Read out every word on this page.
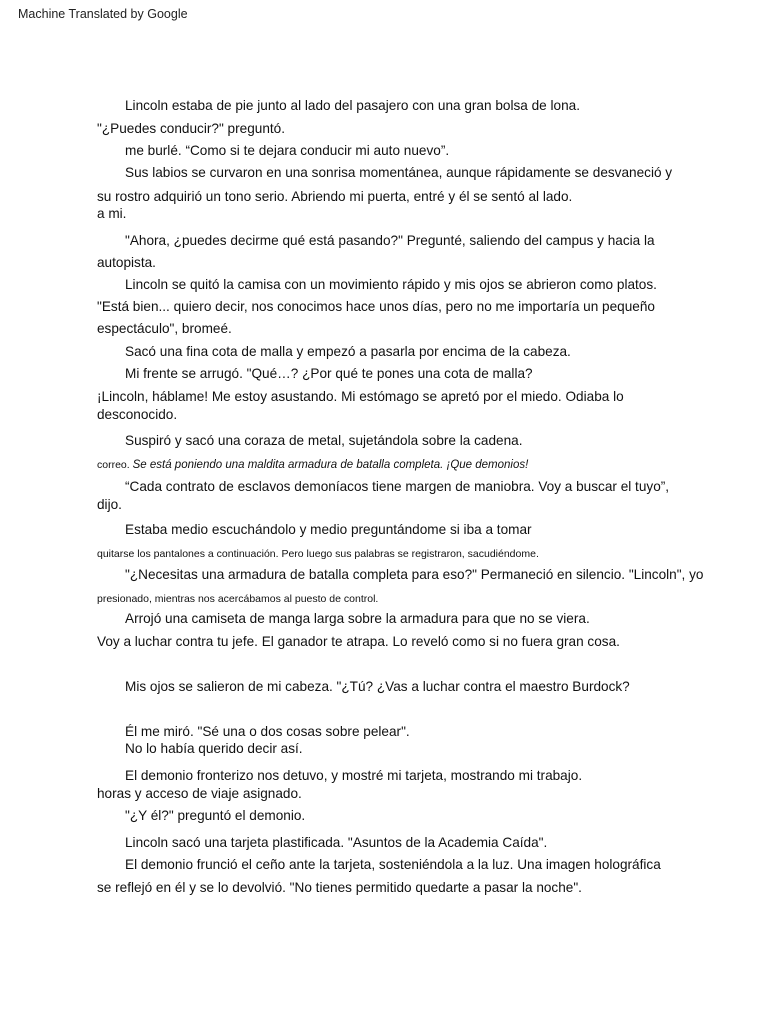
Machine Translated by Google
Lincoln estaba de pie junto al lado del pasajero con una gran bolsa de lona.
"¿Puedes conducir?" preguntó.
me burlé. “Como si te dejara conducir mi auto nuevo”.
Sus labios se curvaron en una sonrisa momentánea, aunque rápidamente se desvaneció y
su rostro adquirió un tono serio. Abriendo mi puerta, entré y él se sentó al lado.
a mi.
"Ahora, ¿puedes decirme qué está pasando?" Pregunté, saliendo del campus y hacia la
autopista.
Lincoln se quitó la camisa con un movimiento rápido y mis ojos se abrieron como platos.
"Está bien... quiero decir, nos conocimos hace unos días, pero no me importaría un pequeño
espectáculo", bromeé.
Sacó una fina cota de malla y empezó a pasarla por encima de la cabeza.
Mi frente se arrugó. "Qué…? ¿Por qué te pones una cota de malla?
¡Lincoln, háblame! Me estoy asustando. Mi estómago se apretó por el miedo. Odiaba lo
desconocido.
Suspiró y sacó una coraza de metal, sujetándola sobre la cadena.
correo. Se está poniendo una maldita armadura de batalla completa. ¡Que demonios!
“Cada contrato de esclavos demoníacos tiene margen de maniobra. Voy a buscar el tuyo”,
dijo.
Estaba medio escuchándolo y medio preguntándome si iba a tomar
quitarse los pantalones a continuación. Pero luego sus palabras se registraron, sacudiéndome.
"¿Necesitas una armadura de batalla completa para eso?" Permaneció en silencio. "Lincoln", yo
presionado, mientras nos acercábamos al puesto de control.
Arrojó una camiseta de manga larga sobre la armadura para que no se viera.
Voy a luchar contra tu jefe. El ganador te atrapa. Lo reveló como si no fuera gran cosa.
Mis ojos se salieron de mi cabeza. "¿Tú? ¿Vas a luchar contra el maestro Burdock?
Él me miró. "Sé una o dos cosas sobre pelear".
No lo había querido decir así.
El demonio fronterizo nos detuvo, y mostré mi tarjeta, mostrando mi trabajo.
horas y acceso de viaje asignado.
"¿Y él?" preguntó el demonio.
Lincoln sacó una tarjeta plastificada. "Asuntos de la Academia Caída".
El demonio frunció el ceño ante la tarjeta, sosteniéndola a la luz. Una imagen holográfica
se reflejó en él y se lo devolvió. "No tienes permitido quedarte a pasar la noche".
